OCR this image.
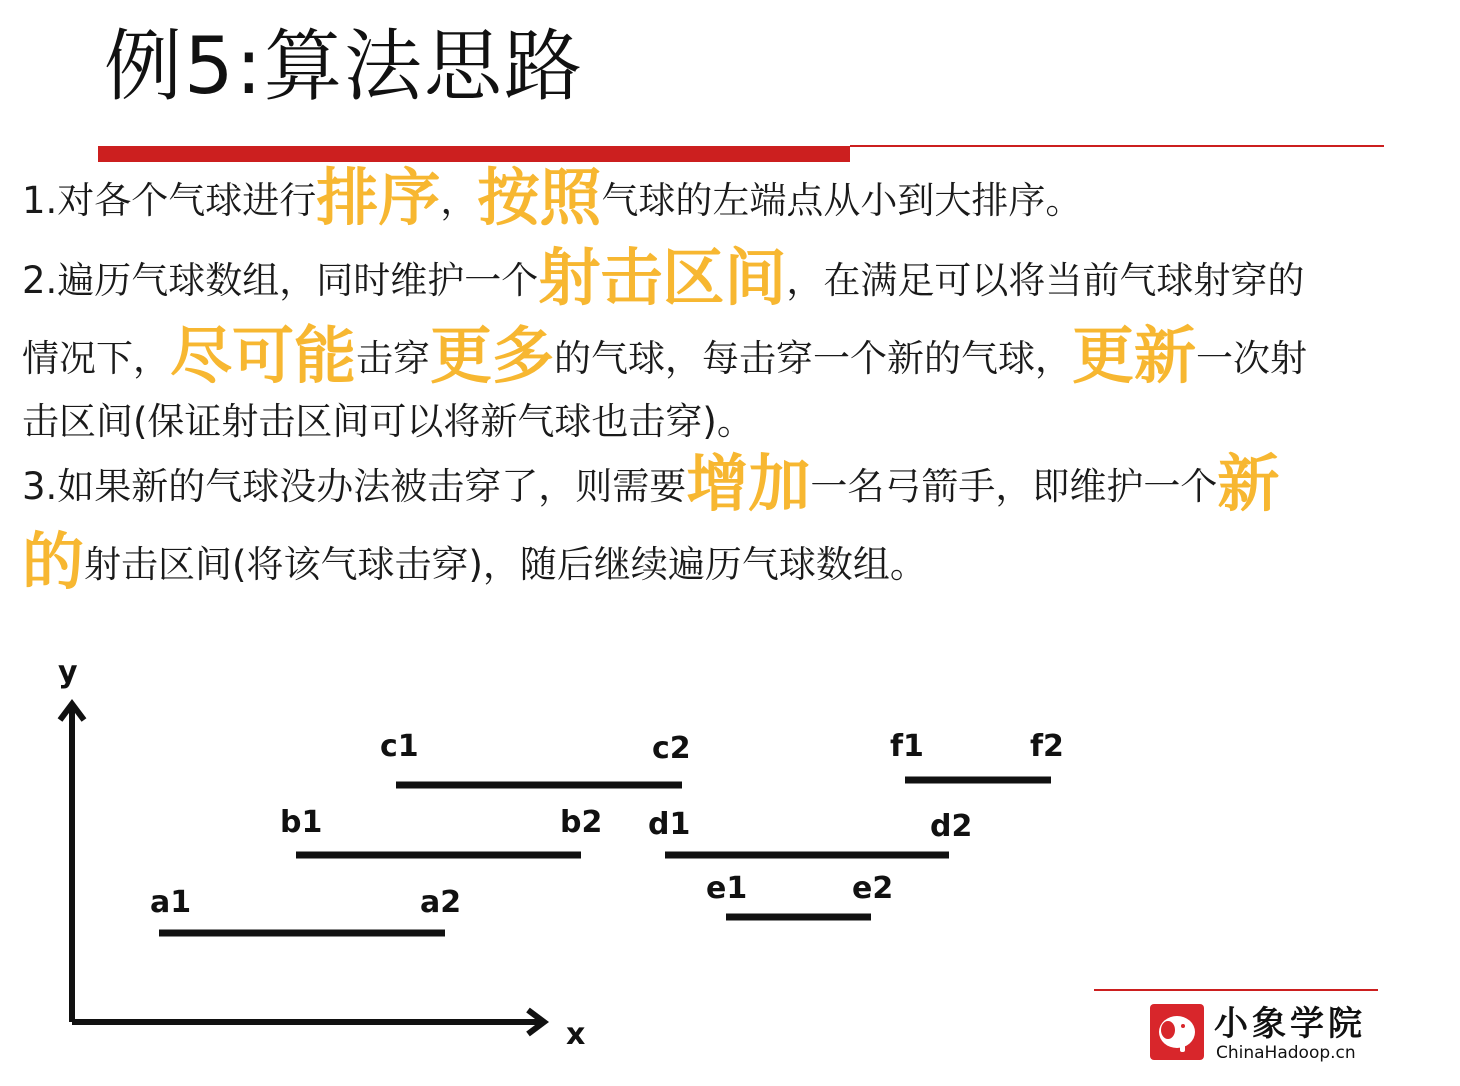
例5:算法思路
1.对各个气球进行排序，按照气球的左端点从小到大排序。
2.遍历气球数组，同时维护一个射击区间，在满足可以将当前气球射穿的
情况下，尽可能击穿更多的气球，每击穿一个新的气球，更新一次射
击区间(保证射击区间可以将新气球也击穿)。
3.如果新的气球没办法被击穿了，则需要增加一名弓箭手，即维护一个新
的射击区间(将该气球击穿)，随后继续遍历气球数组。
y
x
c1	c2	f1	f2
b1	b2 d1	d2
e1	e2
a1	a2
小象学院
ChinaHadoop.cn
